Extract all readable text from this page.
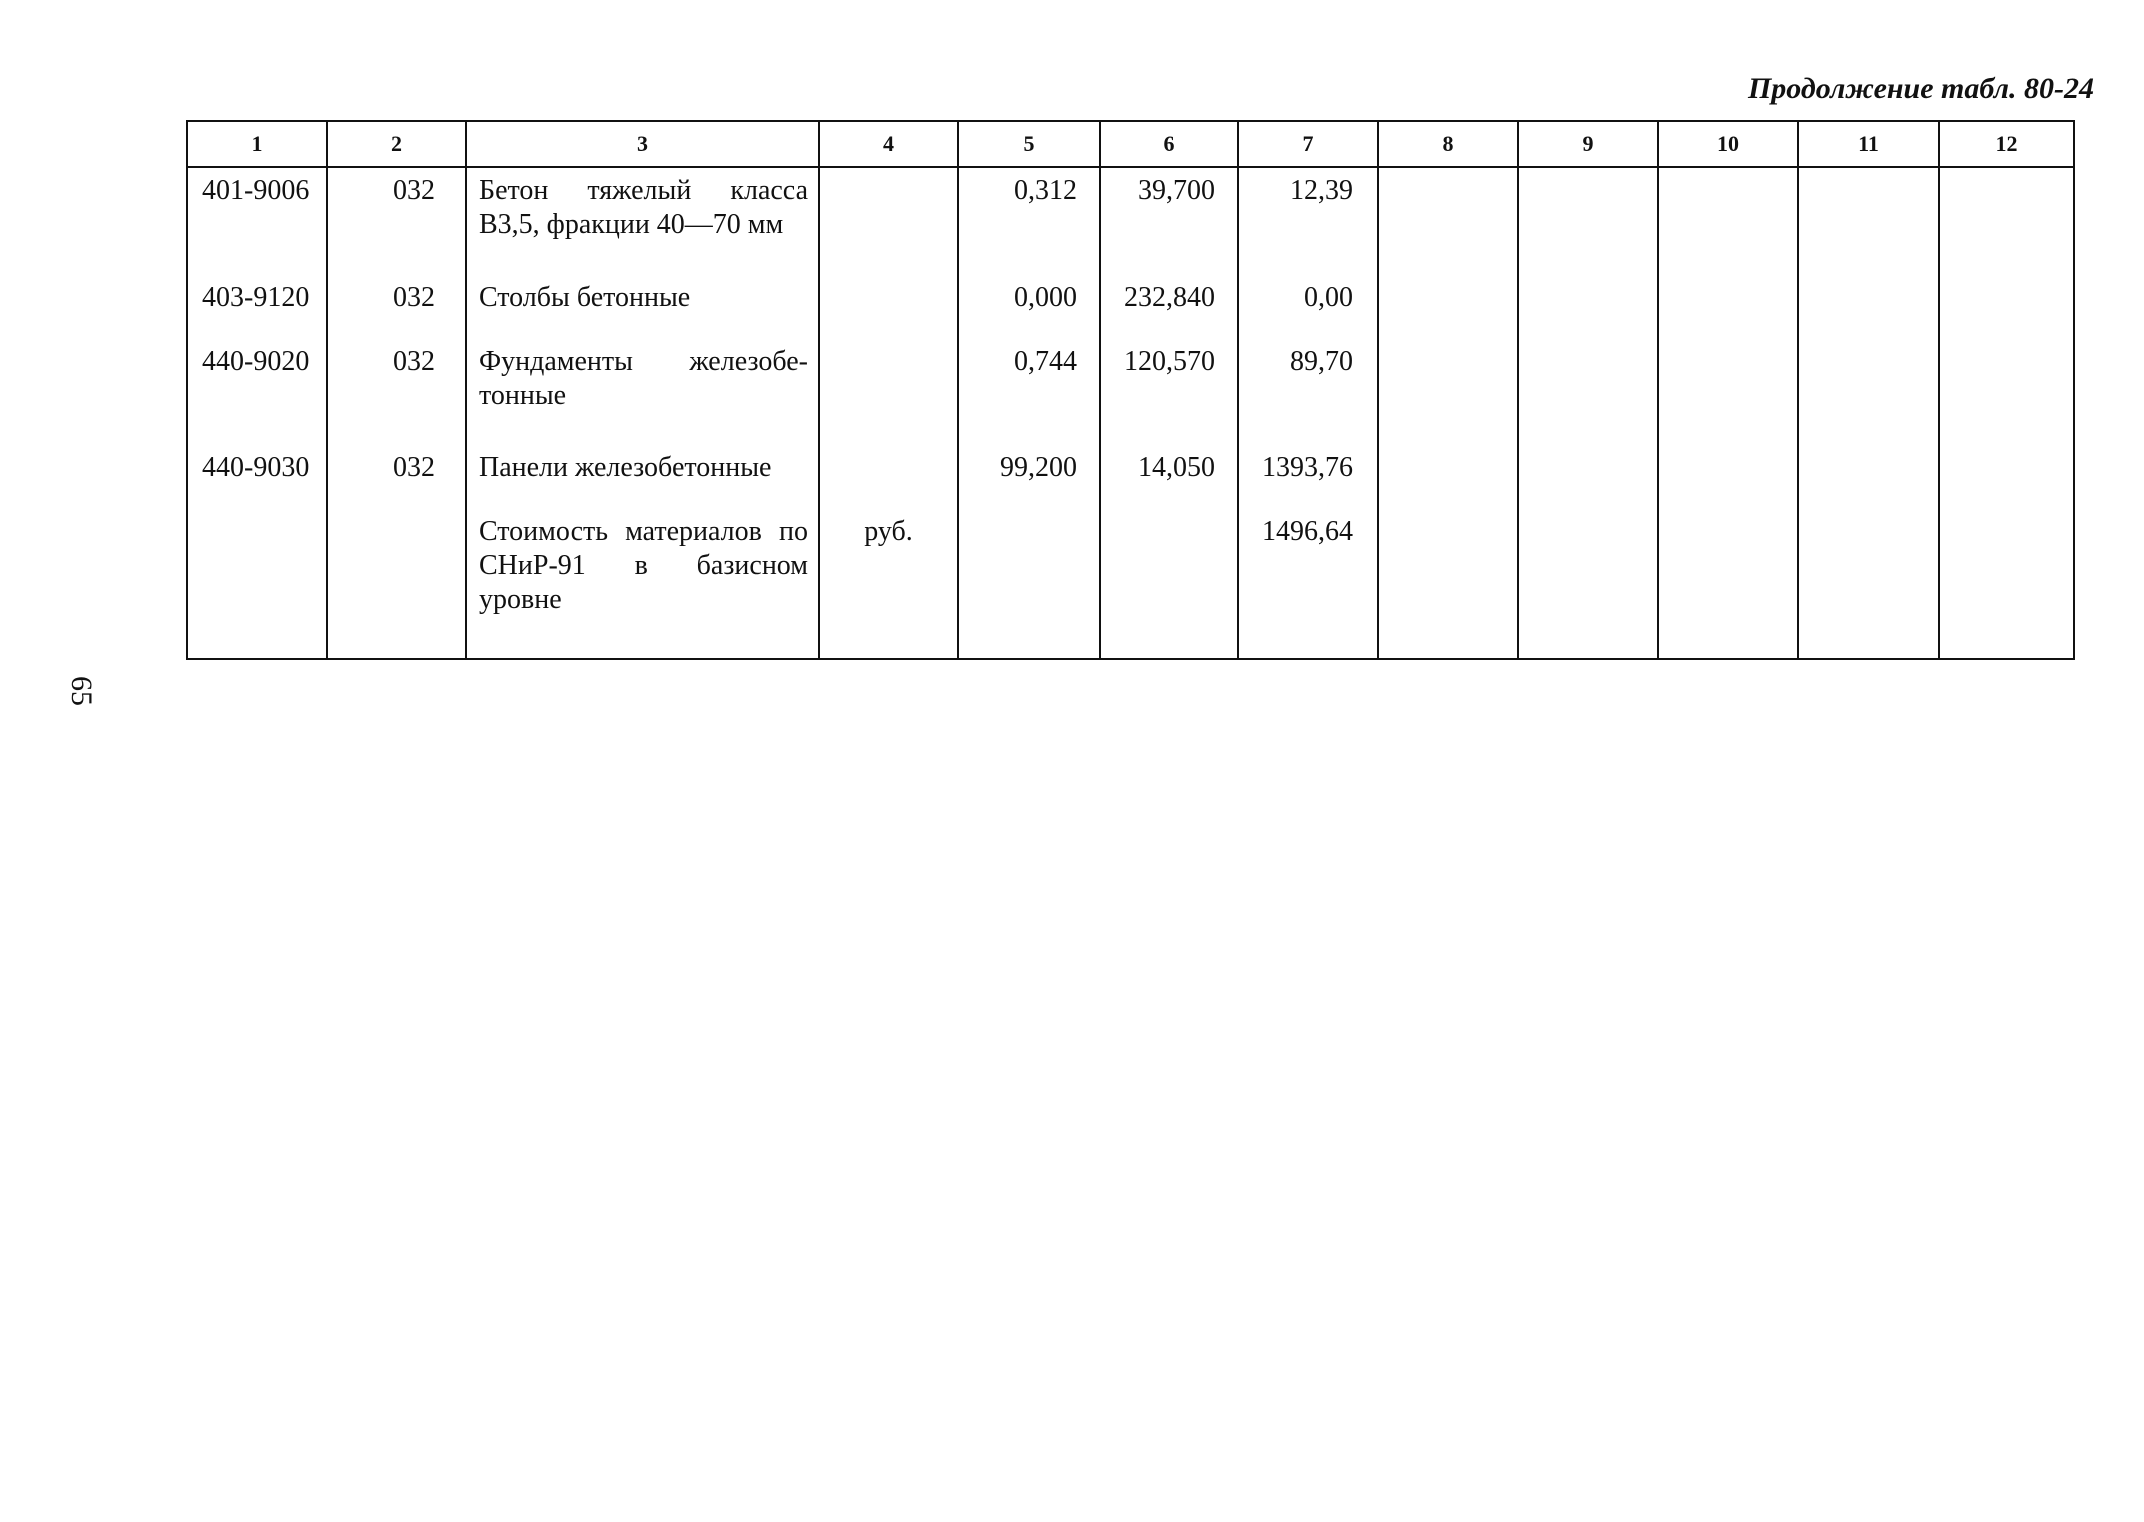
Продолжение табл. 80-24
1	2	3	4	5	6	7	8	9	10	11	12
401-9006	032	Бетон тяжелый класса В3,5, фракции 40—70 мм		0,312	39,700	12,39					
403-9120	032	Столбы бетонные		0,000	232,840	0,00					
440-9020	032	Фундаменты железобе-тонные		0,744	120,570	89,70					
440-9030	032	Панели железобетонные		99,200	14,050	1393,76					
		Стоимость материалов по СНиР-91 в базисном уровне	руб.			1496,64					

65
